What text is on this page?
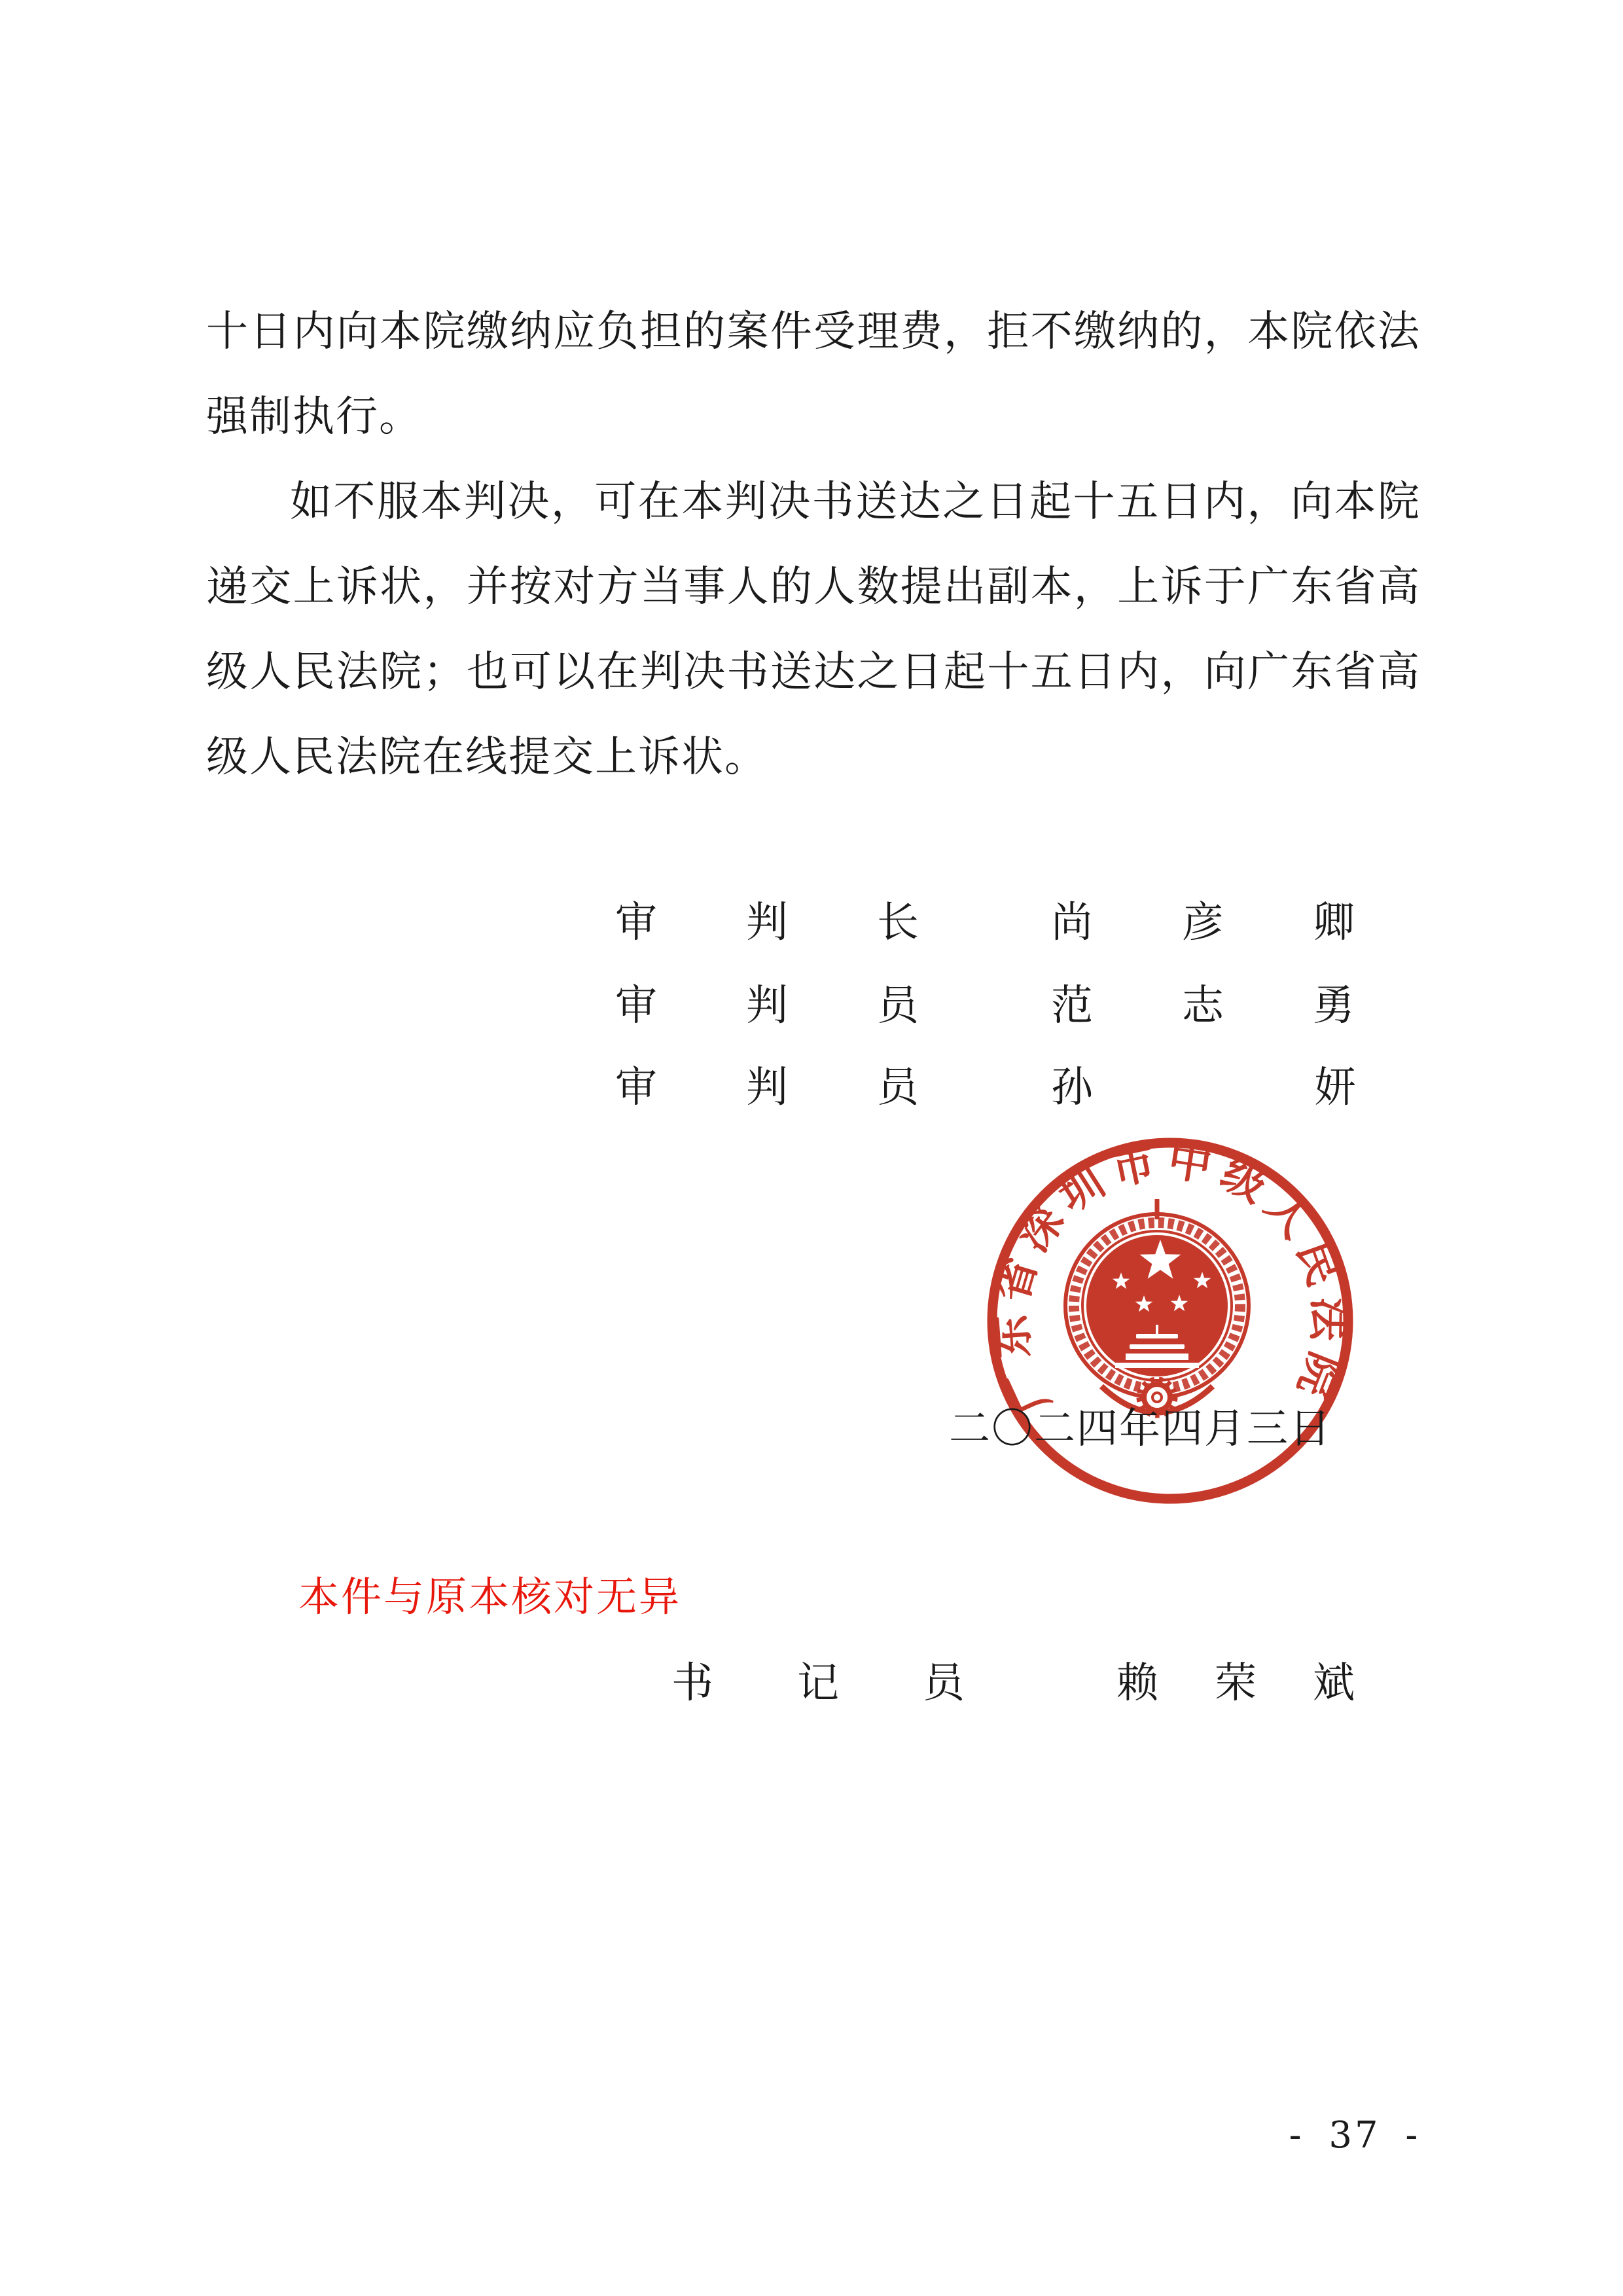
十日内向本院缴纳应负担的案件受理费，拒不缴纳的，本院依法强制执行。

如不服本判决，可在本判决书送达之日起十五日内，向本院递交上诉状，并按对方当事人的人数提出副本，上诉于广东省高级人民法院；也可以在判决书送达之日起十五日内，向广东省高级人民法院在线提交上诉状。

审判长 尚彦卿
审判员 范志勇
审判员 孙妍
广东省深圳市中级人民法院
二〇二四年四月三日
本件与原本核对无异
书记员 赖荣斌
- 37 -
